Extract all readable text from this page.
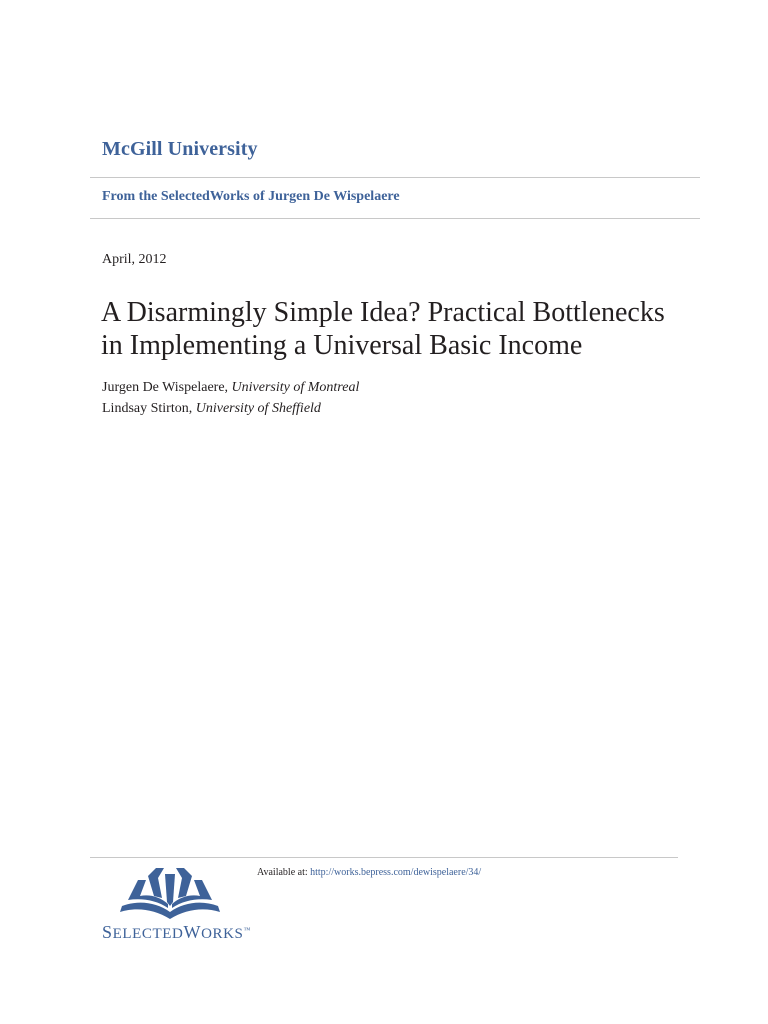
McGill University
From the SelectedWorks of Jurgen De Wispelaere
April, 2012
A Disarmingly Simple Idea? Practical Bottlenecks
in Implementing a Universal Basic Income
Jurgen De Wispelaere, University of Montreal
Lindsay Stirton, University of Sheffield
SELECTEDWORKS™
Available at: http://works.bepress.com/dewispelaere/34/
